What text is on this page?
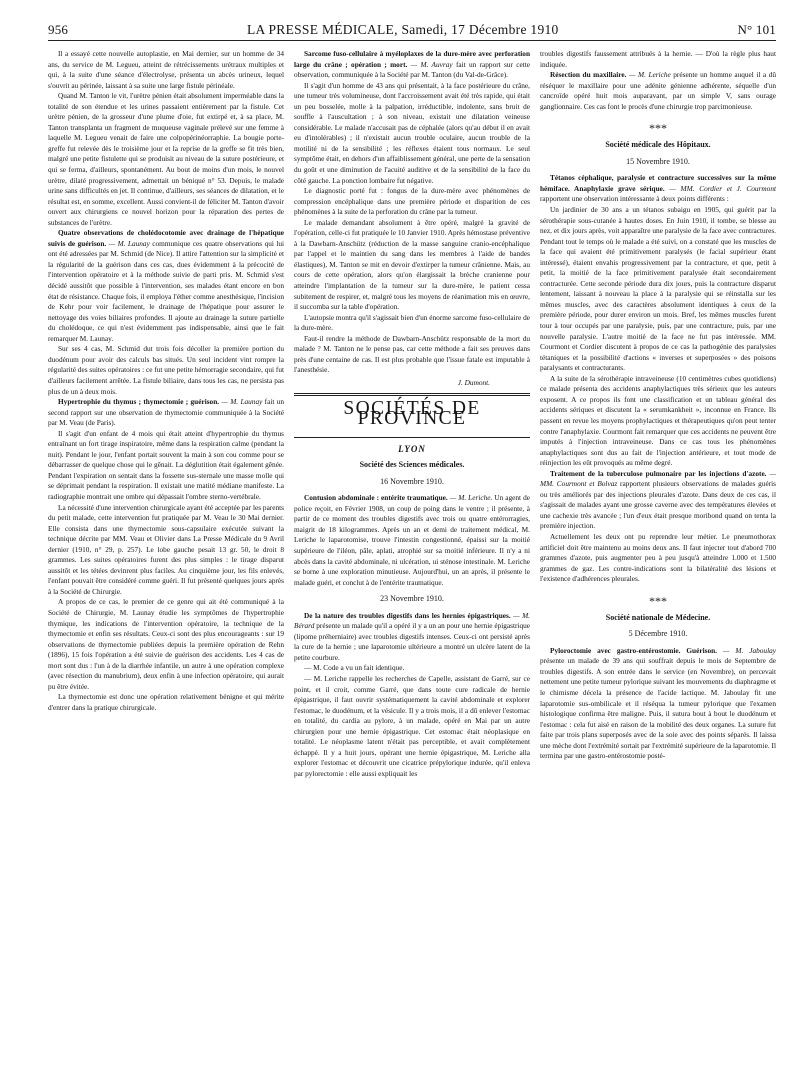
956	LA PRESSE MÉDICALE, Samedi, 17 Décembre 1910	N° 101

Il a essayé cette nouvelle autoplastie, en Mai dernier, sur un homme de 34 ans, du service de M. Legueu, atteint de rétrécissements urétraux multiples et qui, à la suite d'une séance d'électrolyse, présenta un abcès urineux, lequel s'ouvrit au périnée, laissant à sa suite une large fistule périnéale.

Quand M. Tanton le vit, l'urètre pénien était absolument imperméable dans la totalité de son étendue et les urines passaient entièrement par la fistule. Cet urètre pénien, de la grosseur d'une plume d'oie, fut extirpé et, à sa place, M. Tanton transplanta un fragment de muqueuse vaginale prélevé sur une femme à laquelle M. Legueu venait de faire une colpopérinéorraphie. La bougie porte-greffe fut relevée dès le troisième jour et la reprise de la greffe se fit très bien, malgré une petite fistulette qui se produisit au niveau de la suture postérieure, et qui se ferma, d'ailleurs, spontanément. Au bout de moins d'un mois, le nouvel urètre, dilaté progressivement, admettait un béniqué n° 53. Depuis, le malade urine sans difficultés en jet. Il continue, d'ailleurs, ses séances de dilatation, et le résultat est, en somme, excellent. Aussi convient-il de féliciter M. Tanton d'avoir ouvert aux chirurgiens ce nouvel horizon pour la réparation des pertes de substances de l'urètre.

Quatre observations de cholédocotomie avec drainage de l'hépatique suivis de guérison. — M. Launay communique ces quatre observations qui lui ont été adressées par M. Schmid (de Nice). Il attire l'attention sur la simplicité et la régularité de la guérison dans ces cas, dues évidemment à la précocité de l'intervention opératoire et à la méthode suivie de parti pris. M. Schmid s'est décidé aussitôt que possible à l'intervention, ses malades étant encore en bon état de résistance. Chaque fois, il employa l'éther comme anesthésique, l'incision de Kehr pour voir facilement, le drainage de l'hépatique pour assurer le nettoyage des voies biliaires profondes. Il ajoute au drainage la suture partielle du cholédoque, ce qui n'est évidemment pas indispensable, ainsi que le fait remarquer M. Launay.

Sur ses 4 cas, M. Schmid dut trois fois décoller la première portion du duodénum pour avoir des calculs bas situés. Un seul incident vint rompre la régularité des suites opératoires : ce fut une petite hémorragie secondaire, qui fut d'ailleurs facilement arrêtée. La fistule biliaire, dans tous les cas, ne persista pas plus de un à deux mois.

Hypertrophie du thymus ; thymectomie ; guérison. — M. Launay fait un second rapport sur une observation de thymectomie communiquée à la Société par M. Veau (de Paris).

Il s'agit d'un enfant de 4 mois qui était atteint d'hypertrophie du thymus entraînant un fort tirage inspiratoire, même dans la respiration calme (pendant la nuit). Pendant le jour, l'enfant portait souvent la main à son cou comme pour se débarrasser de quelque chose qui le gênait. La déglutition était également gênée. Pendant l'expiration on sentait dans la fossette sus-sternale une masse molle qui se déprimait pendant la respiration. Il existait une matité médiane manifeste. La radiographie montrait une ombre qui dépassait l'ombre sterno-vertébrale.

La nécessité d'une intervention chirurgicale ayant été acceptée par les parents du petit malade, cette intervention fut pratiquée par M. Veau le 30 Mai dernier. Elle consista dans une thymectomie sous-capsulaire exécutée suivant la technique décrite par MM. Veau et Olivier dans La Presse Médicale du 9 Avril dernier (1910, n° 29, p. 257). Le lobe gauche pesait 13 gr. 50, le droit 8 grammes. Les suites opératoires furent des plus simples : le tirage disparut aussitôt et les tétées devinrent plus faciles. Au cinquième jour, les fils enlevés, l'enfant pouvait être considéré comme guéri. Il fut présenté quelques jours après à la Société de Chirurgie.

A propos de ce cas, le premier de ce genre qui ait été communiqué à la Société de Chirurgie, M. Launay étudie les symptômes de l'hypertrophie thymique, les indications de l'intervention opératoire, la technique de la thymectomie et enfin ses résultats. Ceux-ci sont des plus encourageants : sur 19 observations de thymectomie publiées depuis la première opération de Rehn (1896), 15 fois l'opération a été suivie de guérison des accidents. Les 4 cas de mort sont dus : l'un à de la diarrhée infantile, un autre à une opération complexe (avec résection du manubrium), deux enfin à une infection opératoire, qui aurait pu être évitée.

La thymectomie est donc une opération relativement bénigne et qui mérite d'entrer dans la pratique chirurgicale.

Sarcome fuso-cellulaire à myéloplaxes de la dure-mère avec perforation large du crâne ; opération ; mort. — M. Auvray fait un rapport sur cette observation, communiquée à la Société par M. Tanton (du Val-de-Grâce).

Il s'agit d'un homme de 43 ans qui présentait, à la face postérieure du crâne, une tumeur très volumineuse, dont l'accroissement avait été très rapide, qui était un peu bosselée, molle à la palpation, irréductible, indolente, sans bruit de souffle à l'auscultation ; à son niveau, existait une dilatation veineuse considérable. Le malade n'accusait pas de céphalée (alors qu'au début il en avait eu d'intolérables) ; il n'existait aucun trouble oculaire, aucun trouble de la motilité ni de la sensibilité ; les réflexes étaient tous normaux. Le seul symptôme était, en dehors d'un affaiblissement général, une perte de la sensation du goût et une diminution de l'acuité auditive et de la sensibilité de la face du côté gauche. La ponction lombaire fut négative.

Le diagnostic porté fut : fongus de la dure-mère avec phénomènes de compression encéphalique dans une première période et disparition de ces phénomènes à la suite de la perforation du crâne par la tumeur.

Le malade demandant absolument à être opéré, malgré la gravité de l'opération, celle-ci fut pratiquée le 10 Janvier 1910. Après hémostase préventive à la Dawbarn-Anschütz (réduction de la masse sanguine cranio-encéphalique par l'appel et le maintien du sang dans les membres à l'aide de bandes élastiques), M. Tanton se mit en devoir d'extirper la tumeur crânienne. Mais, au cours de cette opération, alors qu'on élargissait la brèche cranienne pour atteindre l'implantation de la tumeur sur la dure-mère, le patient cessa subitement de respirer, et, malgré tous les moyens de réanimation mis en œuvre, il succomba sur la table d'opération.

L'autopsie montra qu'il s'agissait bien d'un énorme sarcome fuso-cellulaire de la dure-mère.

Faut-il rendre la méthode de Dawbarn-Anschütz responsable de la mort du malade ? M. Tanton ne le pense pas, car cette méthode a fait ses preuves dans près d'une centaine de cas. Il est plus probable que l'issue fatale est imputable à l'anesthésie.

J. Dumont.
SOCIÉTÉS DE PROVINCE
LYON
Société des Sciences médicales.
16 Novembre 1910.

Contusion abdominale : entérite traumatique. — M. Leriche. Un agent de police reçoit, en Février 1908, un coup de poing dans le ventre ; il présente, à partir de ce moment des troubles digestifs avec trois ou quatre entérorragies, maigrit de 18 kilogrammes. Après un an et demi de traitement médical, M. Leriche le laparotomise, trouve l'intestin congestionné, épaissi sur la moitié supérieure de l'iléon, pâle, aplati, atrophié sur sa moitié inférieure. Il n'y a ni abcès dans la cavité abdominale, ni ulcération, ui sténose intestinale. M. Leriche se borne à une exploration minutieuse. Aujourd'hui, un an après, il présente le malade guéri, et conclut à de l'entérite traumatique.

23 Novembre 1910.

De la nature des troubles digestifs dans les hernies épigastriques. — M. Bérard présente un malade qu'il a opéré il y a un an pour une hernie épigastrique (lipome préherniaire) avec troubles digestifs intenses. Ceux-ci ont persisté après la cure de la hernie ; une laparotomie ultérieure a montré un ulcère latent de la petite courbure.

— M. Code a vu un fait identique.

— M. Leriche rappelle les recherches de Capelle, assistant de Garré, sur ce point, et il croit, comme Garré, que dans toute cure radicale de hernie épigastrique, il faut ouvrir systématiquement la cavité abdominale et explorer l'estomac, le duodénum, et la vésicule. Il y a trois mois, il a dû enlever l'estomac en totalité, du cardia au pylore, à un malade, opéré en Mai par un autre chirurgien pour une hernie épigastrique. Cet estomac était néoplasique en totalité. Le néoplasme latent n'était pas perceptible, et avait complètement échappé. Il y a huit jours, opérant une hernie épigastrique, M. Leriche alla explorer l'estomac et découvrit une cicatrice prépylorique indurée, qu'il enleva par pylorectomie : elle aussi expliquait les

troubles digestifs faussement attribués à la hernie. — D'où la règle plus haut indiquée.

Résection du maxillaire. — M. Leriche présente un homme auquel il a dû réséquer le maxillaire pour une adénite génienne adhérente, séquelle d'un cancroïde opéré huit mois auparavant, par un simple V, sans ourage ganglionnaire. Ces cas font le procès d'une chirurgie trop parcimonieuse.

***
Société médicale des Hôpitaux.
15 Novembre 1910.

Tétanos céphalique, paralysie et contracture successives sur la même hémiface. Anaphylaxie grave sérique. — MM. Cordier et J. Courmont rapportent une observation intéressante à deux points différents :

Un jardinier de 30 ans a un tétanos subaigu en 1905, qui guérit par la sérothérapie sous-cutanée à hautes doses. En Juin 1910, il tombe, se blesse au nez, et dix jours après, voit apparaître une paralysie de la face avec contractures. Pendant tout le temps où le malade a été suivi, on a constaté que les muscles de la face qui avaient été primitivement paralysés (le facial supérieur étant intéressé), étaient envahis progressivement par la contracture, et que, petit à petit, la moitié de la face primitivement paralysée était secondairement contracturée. Cette seconde période dura dix jours, puis la contracture disparut lentement, laissant à nouveau la place à la paralysie qui se réinstalla sur les mêmes muscles, avec des caractères absolument identiques à ceux de la première période, pour durer environ un mois. Bref, les mêmes muscles furent tour à tour occupés par une paralysie, puis, par une contracture, puis, par une nouvelle paralysie. L'autre moitié de la face ne fut pas intéressée. MM. Courmont et Cordier discutent à propos de ce cas la pathogénie des paralysies tétaniques et la possibilité d'actions « inverses et superposées » des poisons paralysants et contracturants.

A la suite de la sérothérapie intraveineuse (10 centimètres cubes quotidiens) ce malade présenta des accidents anaphylactiques très sérieux que les auteurs exposent. A ce propos ils font une classification et un tableau général des accidents sériques et discutent la « serumkankheit », inconnue en France. Ils passent en revue les moyens prophylactiques et thérapeutiques qu'on peut tenter contre l'anaphylaxie. Courmont fait remarquer que ces accidents ne peuvent être imputés à l'injection intraveineuse. Dans ce cas tous les phénomènes anaphylactiques sont dus au fait de l'injection antérieure, et tout mode de réinjection les eût provoqués au même degré.

Traitement de la tuberculose pulmonaire par les injections d'azote. — MM. Courmont et Bolvaz rapportent plusieurs observations de malades guéris ou très améliorés par des injections pleurales d'azote. Dans deux de ces cas, il s'agissait de malades ayant une grosse caverne avec des températures élevées et une cachexie très avancée ; l'un d'eux était presque moribond quand on tenta la première injection.

Actuellement les deux ont pu reprendre leur métier. Le pneumothorax artificiel doit être maintenu au moins deux ans. Il faut injecter tout d'abord 700 grammes d'azote, puis augmenter peu à peu jusqu'à atteindre 1.000 et 1.500 grammes de gaz. Les contre-indications sont la bilatéralité des lésions et l'existence d'adhérences pleurales.

***
Société nationale de Médecine.
5 Décembre 1910.

Pyloroctomie avec gastro-entérostomie. Guérison. — M. Jaboulay présente un malade de 39 ans qui souffrait depuis le mois de Septembre de troubles digestifs. A son entrée dans le service (en Novembre), on percevait nettement une petite tumeur pylorique suivant les mouvements du diaphragme et le chimisme décela la présence de l'acide lactique. M. Jaboulay fit une laparotomie sus-ombilicale et il réséqua la tumeur pylorique que l'examen histologique confirma être maligne. Puis, il sutura bout à bout le duodénum et l'estomac : cela fut aisé en raison de la mobilité des deux organes. La suture fut faite par trois plans superposés avec de la soie avec des points séparés. Il laissa une mèche dont l'extrémité sortait par l'extrémité supérieure de la laparotomie. Il termina par une gastro-entérostomie posté-
